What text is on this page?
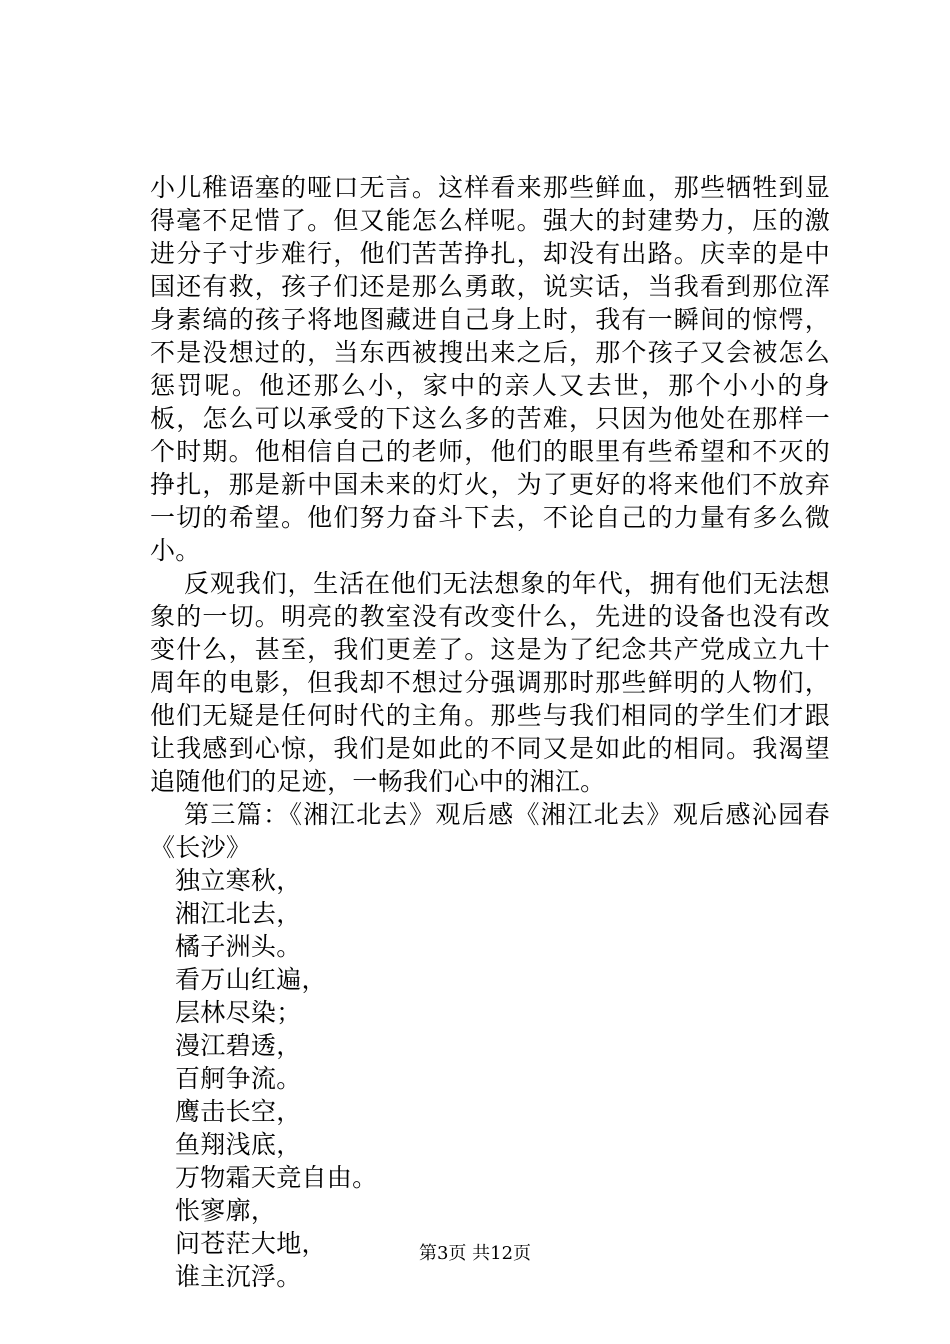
小儿稚语塞的哑口无言。这样看来那些鲜血，那些牺牲到显得毫不足惜了。但又能怎么样呢。强大的封建势力，压的激进分子寸步难行，他们苦苦挣扎，却没有出路。庆幸的是中国还有救，孩子们还是那么勇敢，说实话，当我看到那位浑身素缟的孩子将地图藏进自己身上时，我有一瞬间的惊愕，不是没想过的，当东西被搜出来之后，那个孩子又会被怎么惩罚呢。他还那么小，家中的亲人又去世，那个小小的身板，怎么可以承受的下这么多的苦难，只因为他处在那样一个时期。他相信自己的老师，他们的眼里有些希望和不灭的挣扎，那是新中国未来的灯火，为了更好的将来他们不放弃一切的希望。他们努力奋斗下去，不论自己的力量有多么微小。

反观我们，生活在他们无法想象的年代，拥有他们无法想象的一切。明亮的教室没有改变什么，先进的设备也没有改变什么，甚至，我们更差了。这是为了纪念共产党成立九十周年的电影，但我却不想过分强调那时那些鲜明的人物们，他们无疑是任何时代的主角。那些与我们相同的学生们才跟让我感到心惊，我们是如此的不同又是如此的相同。我渴望追随他们的足迹，一畅我们心中的湘江。

第三篇：《湘江北去》观后感《湘江北去》观后感沁园春《长沙》

独立寒秋，
湘江北去，
橘子洲头。
看万山红遍，
层林尽染；
漫江碧透，
百舸争流。
鹰击长空，
鱼翔浅底，
万物霜天竞自由。
怅寥廓，
问苍茫大地，
谁主沉浮。
第3页 共12页
